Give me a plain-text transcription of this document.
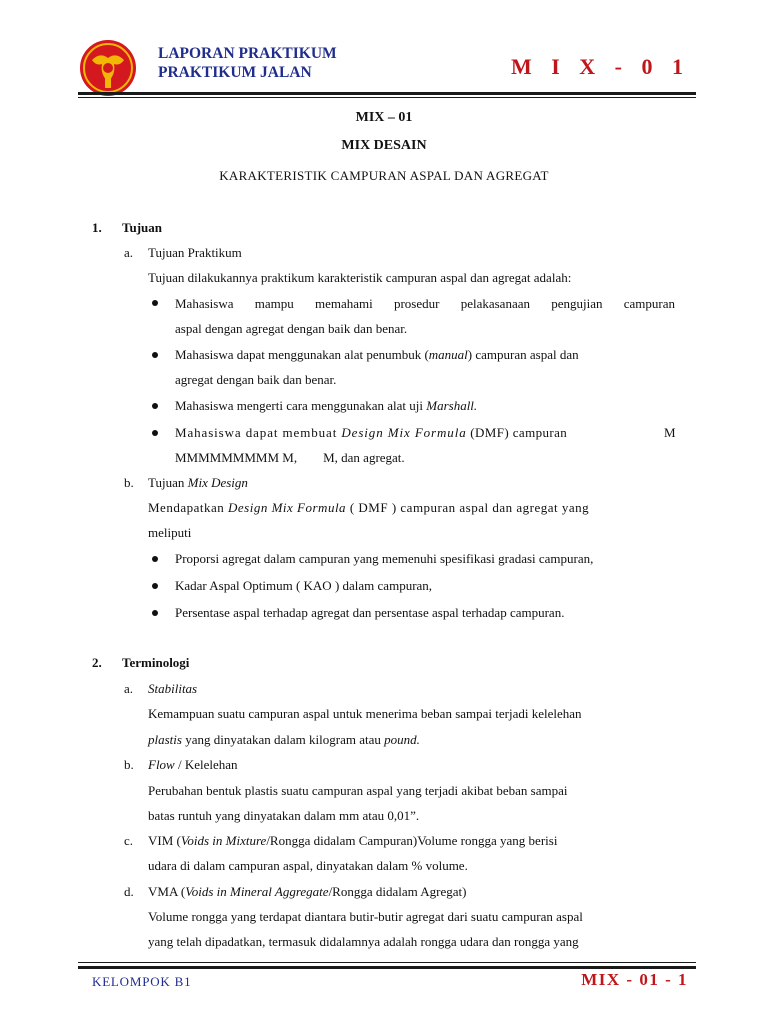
LAPORAN PRAKTIKUM
PRAKTIKUM JALAN	M I X - 0 1
MIX – 01
MIX DESAIN
KARAKTERISTIK CAMPURAN ASPAL DAN AGREGAT
1. Tujuan
a. Tujuan Praktikum
Tujuan dilakukannya praktikum karakteristik campuran aspal dan agregat adalah:
Mahasiswa mampu memahami prosedur pelakasanaan pengujian campuran
aspal dengan agregat dengan baik dan benar.
Mahasiswa dapat menggunakan alat penumbuk (manual) campuran aspal dan
agregat dengan baik dan benar.
Mahasiswa mengerti cara menggunakan alat uji Marshall.
Mahasiswa dapat membuat Design Mix Formula (DMF) campuran	M
MMMMMMMMM M,        M, dan agregat.
b. Tujuan Mix Design
Mendapatkan Design Mix Formula ( DMF ) campuran aspal dan agregat yang
meliputi
Proporsi agregat dalam campuran yang memenuhi spesifikasi gradasi campuran,
Kadar Aspal Optimum ( KAO ) dalam campuran,
Persentase aspal terhadap agregat dan persentase aspal terhadap campuran.
2. Terminologi
a. Stabilitas
Kemampuan suatu campuran aspal untuk menerima beban sampai terjadi kelelehan
plastis yang dinyatakan dalam kilogram atau pound.
b. Flow / Kelelehan
Perubahan bentuk plastis suatu campuran aspal yang terjadi akibat beban sampai
batas runtuh yang dinyatakan dalam mm atau 0,01”.
c. VIM (Voids in Mixture/Rongga didalam Campuran)Volume rongga yang berisi
udara di dalam campuran aspal, dinyatakan dalam % volume.
d. VMA (Voids in Mineral Aggregate/Rongga didalam Agregat)
Volume rongga yang terdapat diantara butir-butir agregat dari suatu campuran aspal
yang telah dipadatkan, termasuk didalamnya adalah rongga udara dan rongga yang
KELOMPOK B1	MIX - 01 - 1
